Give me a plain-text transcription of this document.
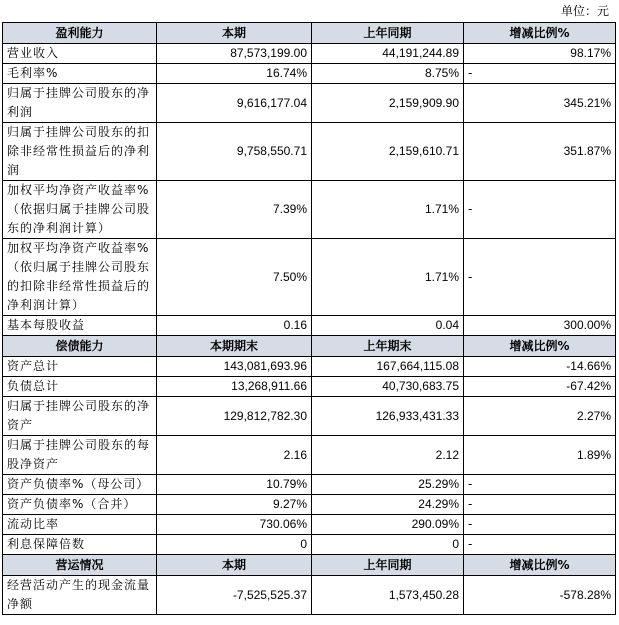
单位：元
盈利能力	本期	上年同期	增减比例%
营业收入	87,573,199.00	44,191,244.89	98.17%
毛利率%	16.74%	8.75%	-
归属于挂牌公司股东的净利润	9,616,177.04	2,159,909.90	345.21%
归属于挂牌公司股东的扣除非经常性损益后的净利润	9,758,550.71	2,159,610.71	351.87%
加权平均净资产收益率%（依据归属于挂牌公司股东的净利润计算）	7.39%	1.71%	-
加权平均净资产收益率%（依归属于挂牌公司股东的扣除非经常性损益后的净利润计算）	7.50%	1.71%	-
基本每股收益	0.16	0.04	300.00%
偿债能力	本期期末	上年期末	增减比例%
资产总计	143,081,693.96	167,664,115.08	-14.66%
负债总计	13,268,911.66	40,730,683.75	-67.42%
归属于挂牌公司股东的净资产	129,812,782.30	126,933,431.33	2.27%
归属于挂牌公司股东的每股净资产	2.16	2.12	1.89%
资产负债率%（母公司）	10.79%	25.29%	-
资产负债率%（合并）	9.27%	24.29%	-
流动比率	730.06%	290.09%	-
利息保障倍数	0	0	-
营运情况	本期	上年同期	增减比例%
经营活动产生的现金流量净额	-7,525,525.37	1,573,450.28	-578.28%
